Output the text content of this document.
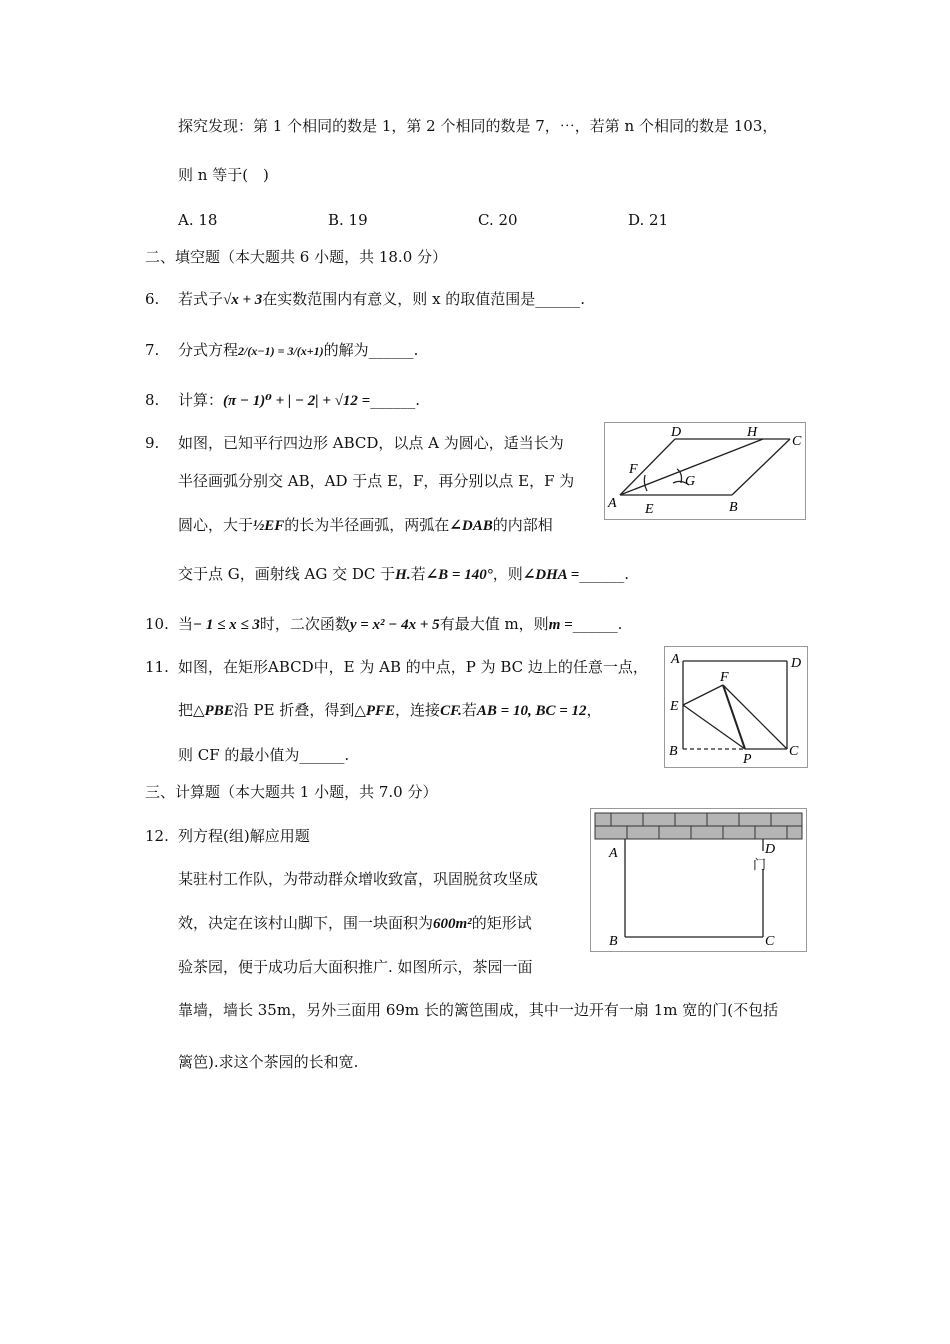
探究发现：第 1 个相同的数是 1，第 2 个相同的数是 7，⋯，若第 n 个相同的数是 103，
则 n 等于(　)
A. 18	B. 19	C. 20	D. 21
二、填空题（本大题共 6 小题，共 18.0 分）
6. 若式子√x + 3在实数范围内有意义，则 x 的取值范围是______.
7. 分式方程2/(x−1) = 3/(x+1)的解为______.
8. 计算：(π − 1)⁰ + | − 2| + √12 =______.
9. 如图，已知平行四边形 ABCD，以点 A 为圆心，适当长为
半径画弧分别交 AB，AD 于点 E，F，再分别以点 E，F 为
圆心，大于½EF的长为半径画弧，两弧在∠DAB的内部相
交于点 G，画射线 AG 交 DC 于H.若∠B = 140°，则∠DHA =______.
D	H
C
F
G
A E	B
10. 当− 1 ≤ x ≤ 3时，二次函数y = x² − 4x + 5有最大值 m，则m =______.
11. 如图，在矩形ABCD中，E 为 AB 的中点，P 为 BC 边上的任意一点，
把△PBE沿 PE 折叠，得到△PFE，连接CF.若AB = 10, BC = 12，
则 CF 的最小值为______.
A	D
F
E
B
P
C
三、计算题（本大题共 1 小题，共 7.0 分）
12. 列方程(组)解应用题
某驻村工作队，为带动群众增收致富，巩固脱贫攻坚成
效，决定在该村山脚下，围一块面积为600m²的矩形试
验茶园，便于成功后大面积推广. 如图所示，茶园一面
靠墙，墙长 35m，另外三面用 69m 长的篱笆围成，其中一边开有一扇 1m 宽的门(不包括
篱笆).求这个茶园的长和宽.
A	D
门
B	C
